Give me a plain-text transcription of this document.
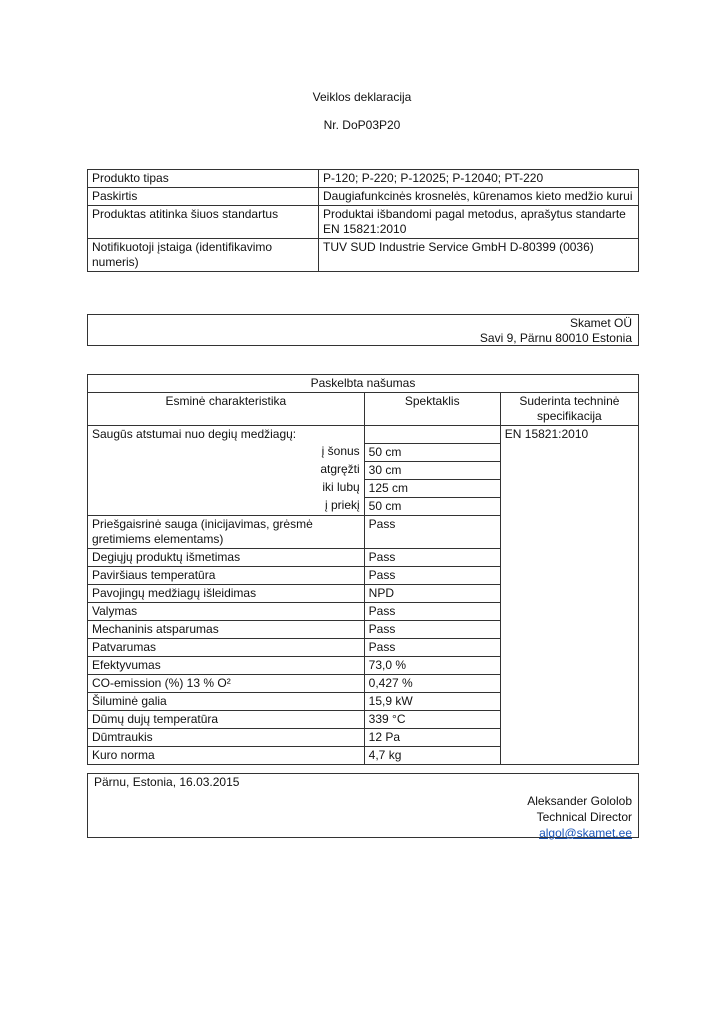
Veiklos deklaracija
Nr. DoP03P20
Produkto tipas	P-120; P-220; P-12025; P-12040; PT-220
Paskirtis	Daugiafunkcinės krosnelės, kūrenamos kieto medžio kurui
Produktas atitinka šiuos standartus	Produktai išbandomi pagal metodus, aprašytus standarte EN 15821:2010
Notifikuotoji įstaiga (identifikavimo numeris)	TUV SUD Industrie Service GmbH D-80399 (0036)
Skamet OÜ
Savi 9, Pärnu 80010 Estonia
Paskelbta našumas		
Esminė charakteristika	Spektaklis	Suderinta techninė specifikacija
Saugūs atstumai nuo degių medžiagų:		EN 15821:2010
į šonus	50 cm	
atgręžti	30 cm	
iki lubų	125 cm	
į priekį	50 cm	
Priešgaisrinė sauga (inicijavimas, grėsmė gretimiems elementams)	Pass	
Degiųjų produktų išmetimas	Pass	
Paviršiaus temperatūra	Pass	
Pavojingų medžiagų išleidimas	NPD	
Valymas	Pass	
Mechaninis atsparumas	Pass	
Patvarumas	Pass	
Efektyvumas	73,0 %	
CO-emission (%) 13 % O²	0,427 %	
Šiluminė galia	15,9 kW	
Dūmų dujų temperatūra	339 °C	
Dūmtraukis	12 Pa	
Kuro norma	4,7 kg	
Pärnu, Estonia, 16.03.2015
Aleksander Gololob
Technical Director
algol@skamet.ee
